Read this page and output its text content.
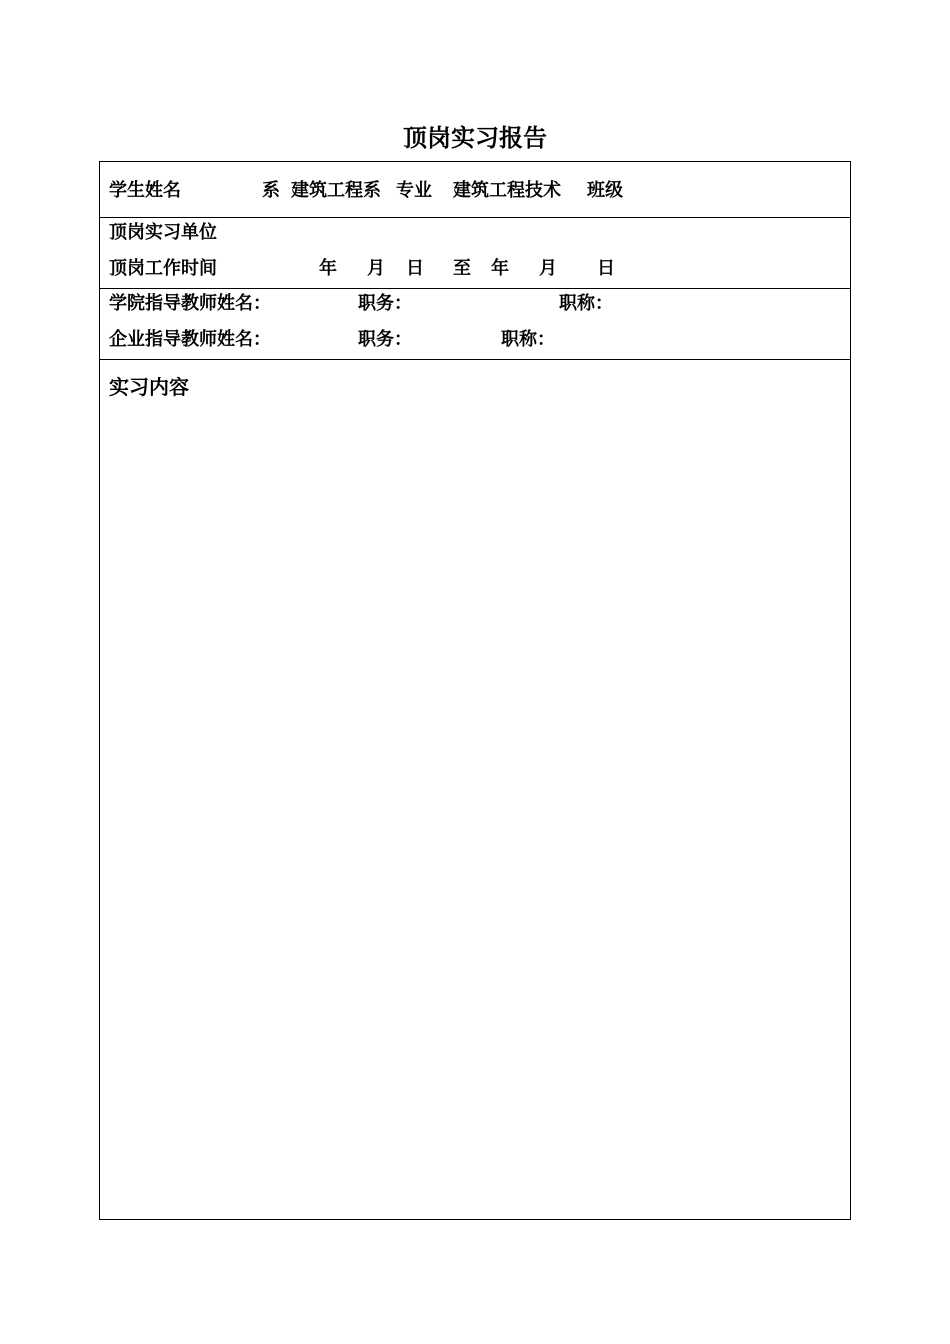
顶岗实习报告
学生姓名	系 建筑工程系 专业 建筑工程技术 班级
顶岗实习单位
顶岗工作时间	年 月 日 至 年 月 日
学院指导教师姓名：	职务：	职称：
企业指导教师姓名：	职务：	职称：
实习内容
